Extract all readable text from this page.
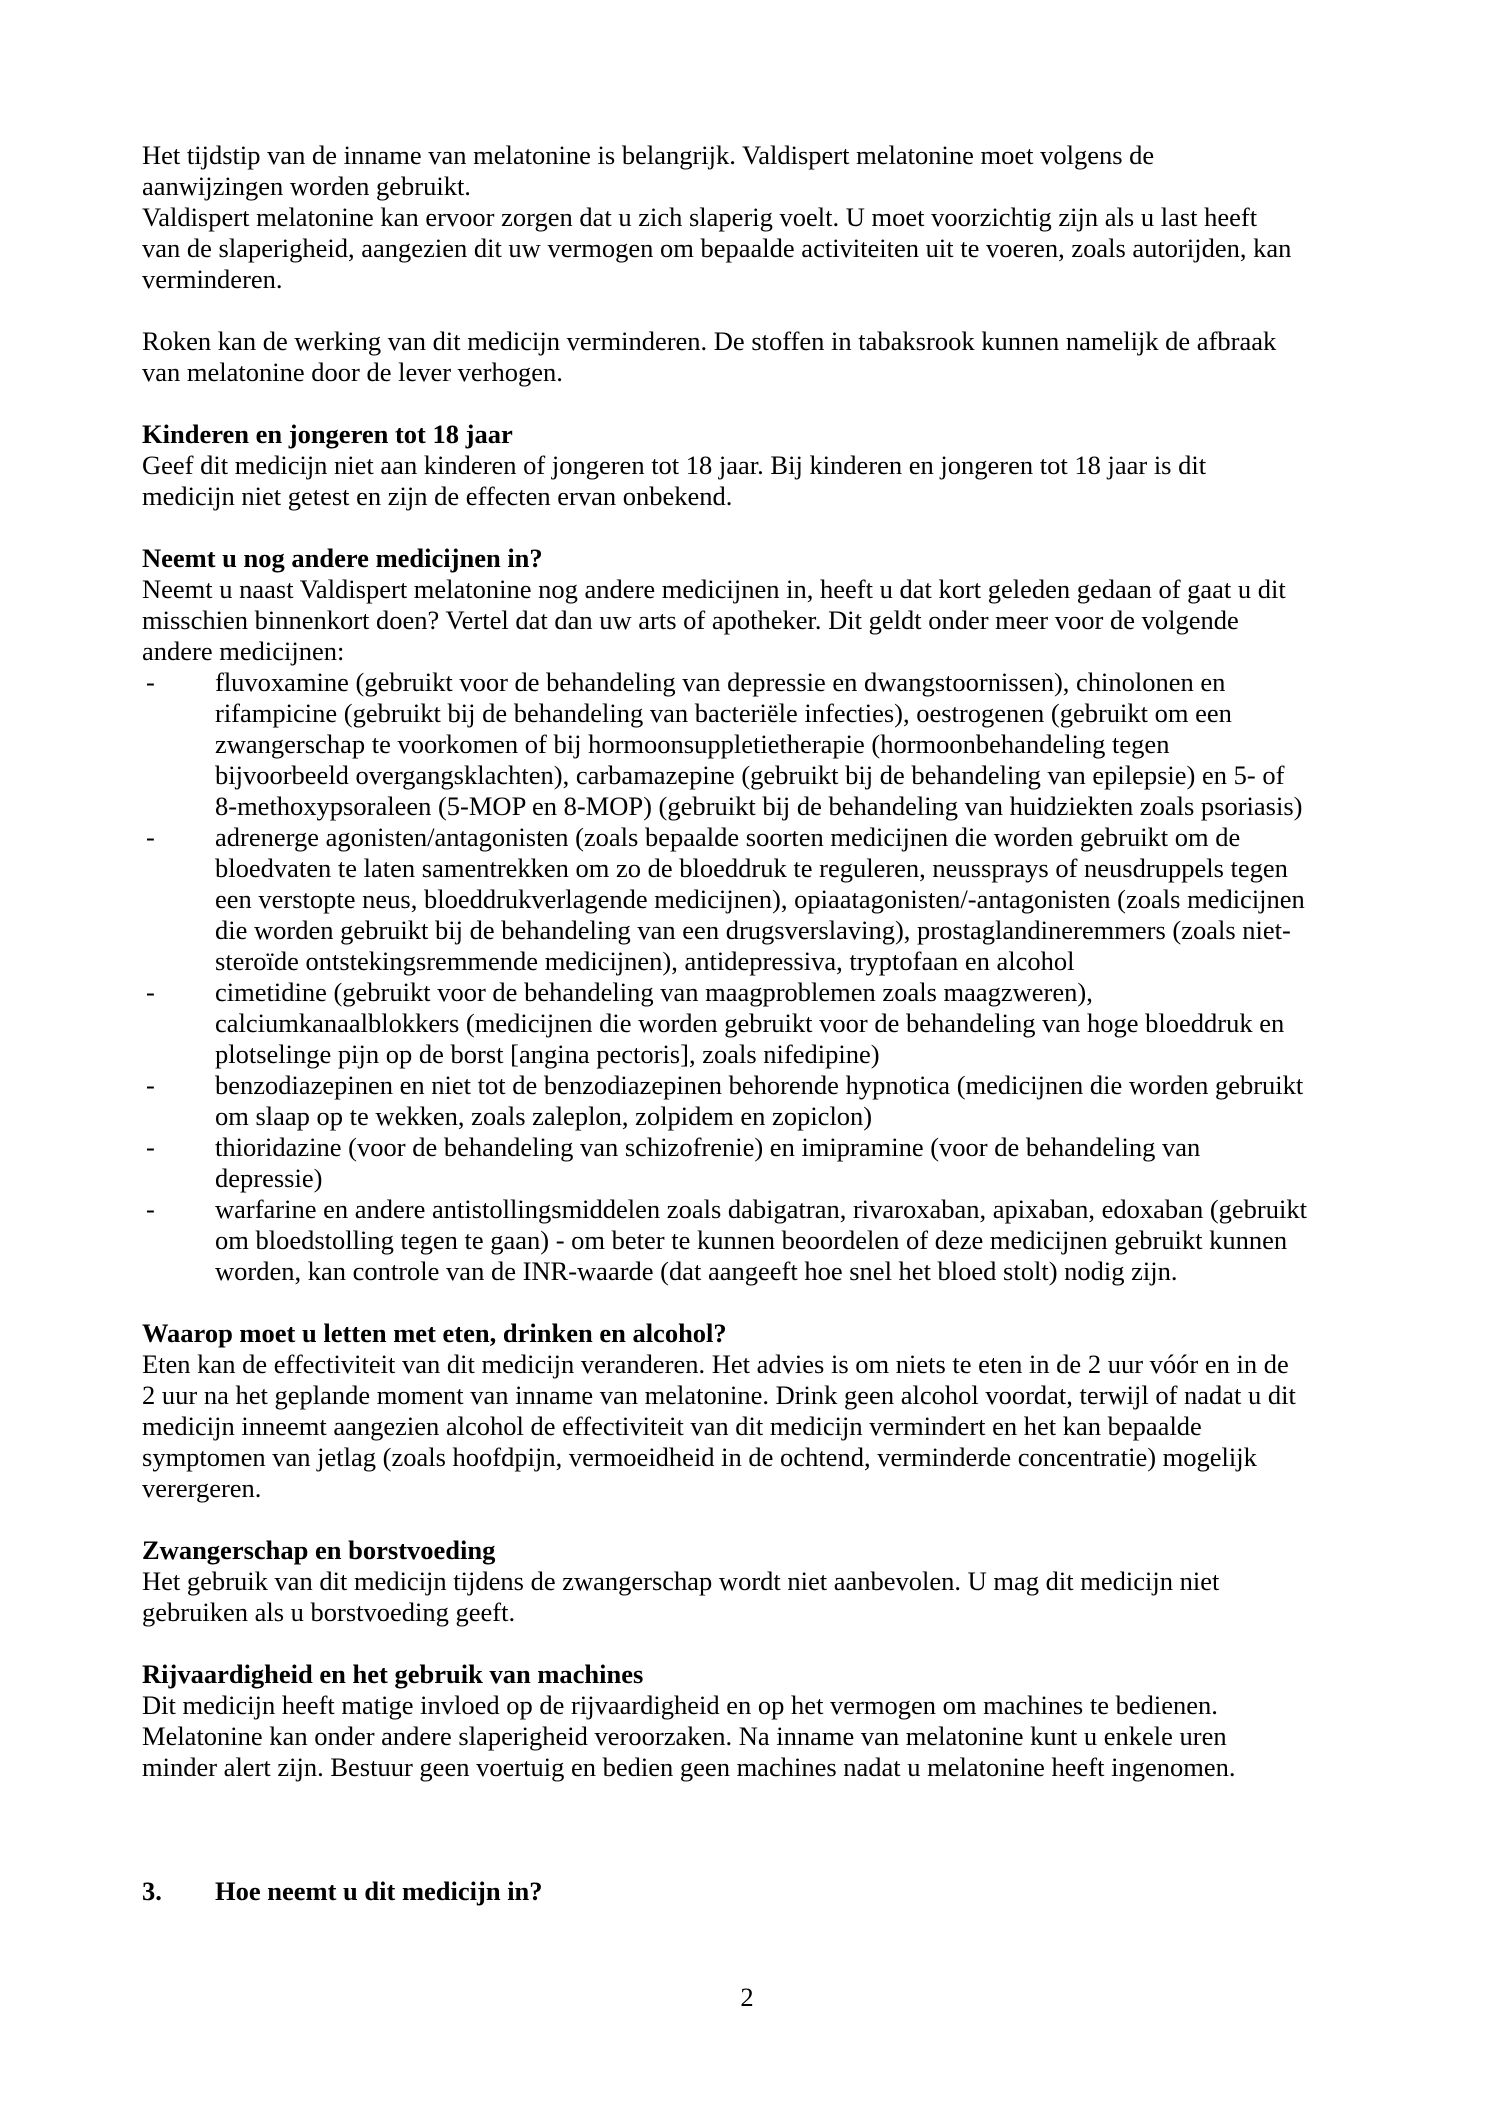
Het tijdstip van de inname van melatonine is belangrijk. Valdispert melatonine moet volgens de
aanwijzingen worden gebruikt.
Valdispert melatonine kan ervoor zorgen dat u zich slaperig voelt. U moet voorzichtig zijn als u last heeft
van de slaperigheid, aangezien dit uw vermogen om bepaalde activiteiten uit te voeren, zoals autorijden, kan
verminderen.
Roken kan de werking van dit medicijn verminderen. De stoffen in tabaksrook kunnen namelijk de afbraak
van melatonine door de lever verhogen.
Kinderen en jongeren tot 18 jaar
Geef dit medicijn niet aan kinderen of jongeren tot 18 jaar. Bij kinderen en jongeren tot 18 jaar is dit
medicijn niet getest en zijn de effecten ervan onbekend.
Neemt u nog andere medicijnen in?
Neemt u naast Valdispert melatonine nog andere medicijnen in, heeft u dat kort geleden gedaan of gaat u dit
misschien binnenkort doen? Vertel dat dan uw arts of apotheker. Dit geldt onder meer voor de volgende
andere medicijnen:
- fluvoxamine (gebruikt voor de behandeling van depressie en dwangstoornissen), chinolonen en
rifampicine (gebruikt bij de behandeling van bacteriële infecties), oestrogenen (gebruikt om een
zwangerschap te voorkomen of bij hormoonsuppletietherapie (hormoonbehandeling tegen
bijvoorbeeld overgangsklachten), carbamazepine (gebruikt bij de behandeling van epilepsie) en 5- of
8-methoxypsoraleen (5-MOP en 8-MOP) (gebruikt bij de behandeling van huidziekten zoals psoriasis)
- adrenerge agonisten/antagonisten (zoals bepaalde soorten medicijnen die worden gebruikt om de
bloedvaten te laten samentrekken om zo de bloeddruk te reguleren, neussprays of neusdruppels tegen
een verstopte neus, bloeddrukverlagende medicijnen), opiaatagonisten/-antagonisten (zoals medicijnen
die worden gebruikt bij de behandeling van een drugsverslaving), prostaglandineremmers (zoals niet-
steroïde ontstekingsremmende medicijnen), antidepressiva, tryptofaan en alcohol
- cimetidine (gebruikt voor de behandeling van maagproblemen zoals maagzweren),
calciumkanaalblokkers (medicijnen die worden gebruikt voor de behandeling van hoge bloeddruk en
plotselinge pijn op de borst [angina pectoris], zoals nifedipine)
- benzodiazepinen en niet tot de benzodiazepinen behorende hypnotica (medicijnen die worden gebruikt
om slaap op te wekken, zoals zaleplon, zolpidem en zopiclon)
- thioridazine (voor de behandeling van schizofrenie) en imipramine (voor de behandeling van
depressie)
- warfarine en andere antistollingsmiddelen zoals dabigatran, rivaroxaban, apixaban, edoxaban (gebruikt
om bloedstolling tegen te gaan) - om beter te kunnen beoordelen of deze medicijnen gebruikt kunnen
worden, kan controle van de INR-waarde (dat aangeeft hoe snel het bloed stolt) nodig zijn.
Waarop moet u letten met eten, drinken en alcohol?
Eten kan de effectiviteit van dit medicijn veranderen. Het advies is om niets te eten in de 2 uur vóór en in de
2 uur na het geplande moment van inname van melatonine. Drink geen alcohol voordat, terwijl of nadat u dit
medicijn inneemt aangezien alcohol de effectiviteit van dit medicijn vermindert en het kan bepaalde
symptomen van jetlag (zoals hoofdpijn, vermoeidheid in de ochtend, verminderde concentratie) mogelijk
verergeren.
Zwangerschap en borstvoeding
Het gebruik van dit medicijn tijdens de zwangerschap wordt niet aanbevolen. U mag dit medicijn niet
gebruiken als u borstvoeding geeft.
Rijvaardigheid en het gebruik van machines
Dit medicijn heeft matige invloed op de rijvaardigheid en op het vermogen om machines te bedienen.
Melatonine kan onder andere slaperigheid veroorzaken. Na inname van melatonine kunt u enkele uren
minder alert zijn. Bestuur geen voertuig en bedien geen machines nadat u melatonine heeft ingenomen.
3. Hoe neemt u dit medicijn in?
2
